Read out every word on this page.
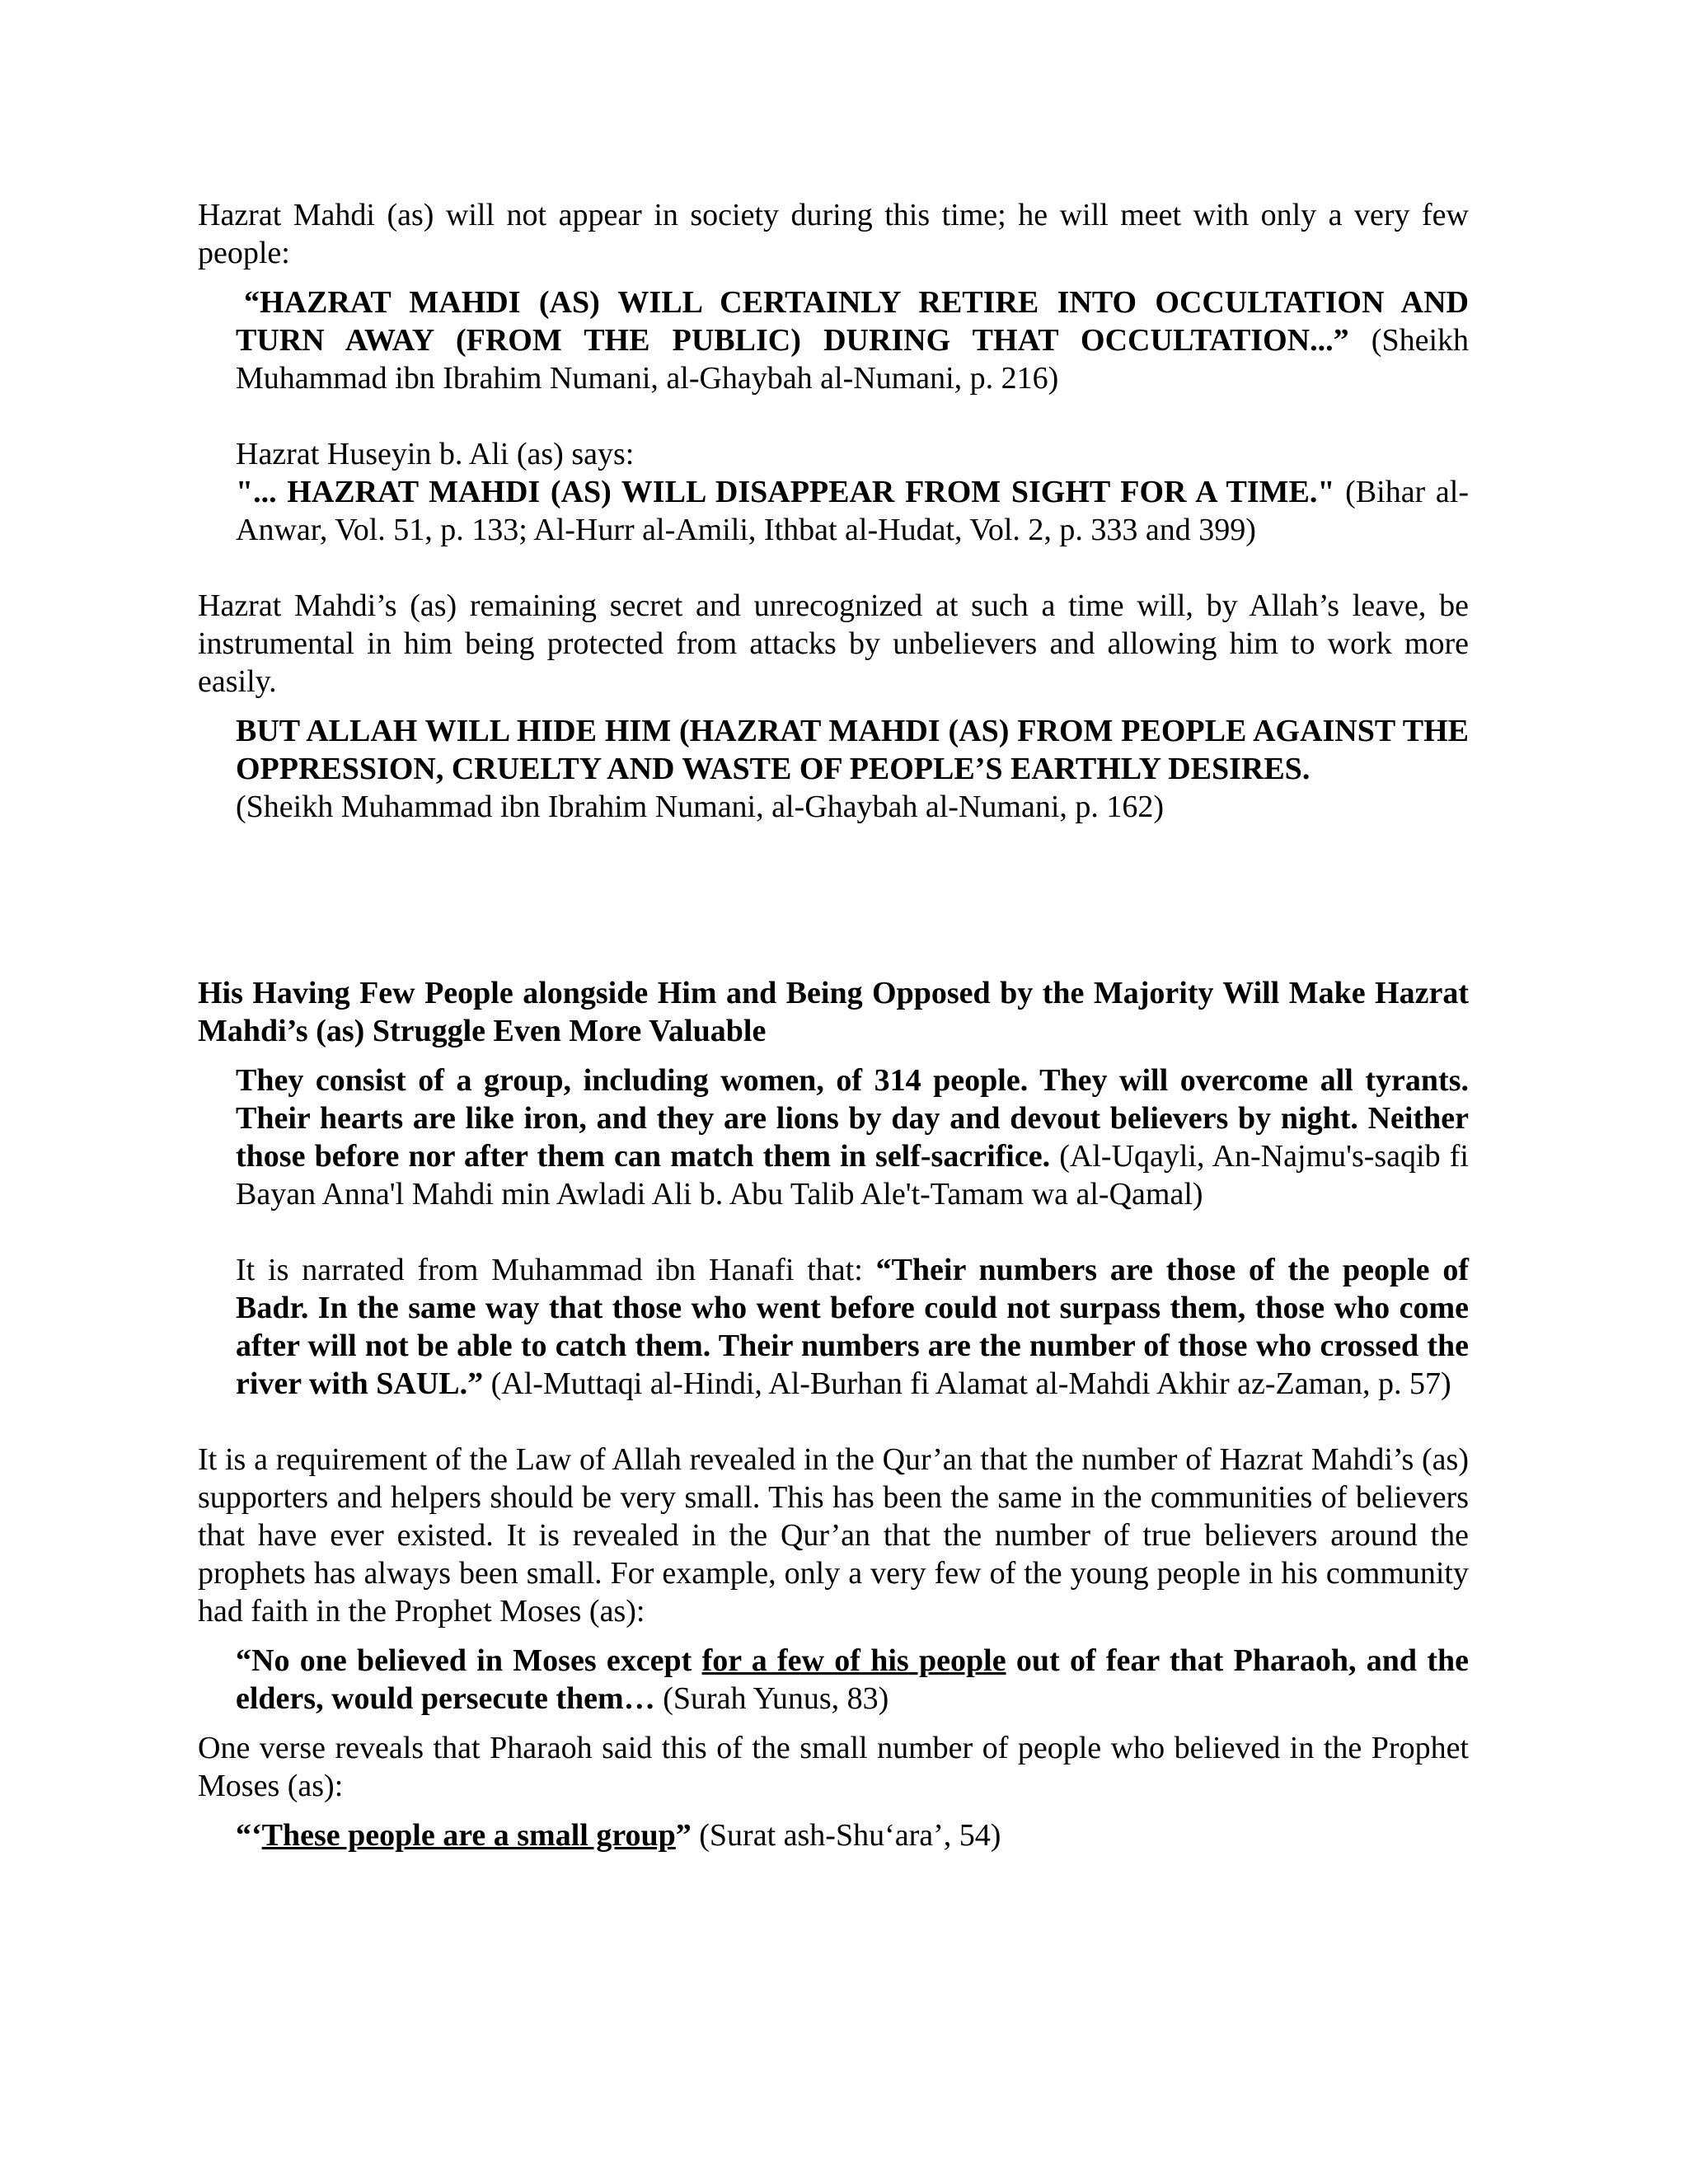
Hazrat Mahdi (as) will not appear in society during this time; he will meet with only a very few people:

“HAZRAT MAHDI (AS) WILL CERTAINLY RETIRE INTO OCCULTATION AND TURN AWAY (FROM THE PUBLIC) DURING THAT OCCULTATION...” (Sheikh Muhammad ibn Ibrahim Numani, al-Ghaybah al-Numani, p. 216)

Hazrat Huseyin b. Ali (as) says:

"... HAZRAT MAHDI (AS) WILL DISAPPEAR FROM SIGHT FOR A TIME." (Bihar al-Anwar, Vol. 51, p. 133; Al-Hurr al-Amili, Ithbat al-Hudat, Vol. 2, p. 333 and 399)

Hazrat Mahdi’s (as) remaining secret and unrecognized at such a time will, by Allah’s leave, be instrumental in him being protected from attacks by unbelievers and allowing him to work more easily.

BUT ALLAH WILL HIDE HIM (HAZRAT MAHDI (AS) FROM PEOPLE AGAINST THE OPPRESSION, CRUELTY AND WASTE OF PEOPLE’S EARTHLY DESIRES.

(Sheikh Muhammad ibn Ibrahim Numani, al-Ghaybah al-Numani, p. 162)

His Having Few People alongside Him and Being Opposed by the Majority Will Make Hazrat Mahdi’s (as) Struggle Even More Valuable

They consist of a group, including women, of 314 people. They will overcome all tyrants. Their hearts are like iron, and they are lions by day and devout believers by night. Neither those before nor after them can match them in self-sacrifice. (Al-Uqayli, An-Najmu's-saqib fi Bayan Anna'l Mahdi min Awladi Ali b. Abu Talib Ale't-Tamam wa al-Qamal)

It is narrated from Muhammad ibn Hanafi that: “Their numbers are those of the people of Badr. In the same way that those who went before could not surpass them, those who come after will not be able to catch them. Their numbers are the number of those who crossed the river with SAUL.” (Al-Muttaqi al-Hindi, Al-Burhan fi Alamat al-Mahdi Akhir az-Zaman, p. 57)

It is a requirement of the Law of Allah revealed in the Qur’an that the number of Hazrat Mahdi’s (as) supporters and helpers should be very small. This has been the same in the communities of believers that have ever existed. It is revealed in the Qur’an that the number of true believers around the prophets has always been small. For example, only a very few of the young people in his community had faith in the Prophet Moses (as):

“No one believed in Moses except for a few of his people out of fear that Pharaoh, and the elders, would persecute them… (Surah Yunus, 83)

One verse reveals that Pharaoh said this of the small number of people who believed in the Prophet Moses (as):

“‘These people are a small group” (Surat ash-Shu‘ara’, 54)
